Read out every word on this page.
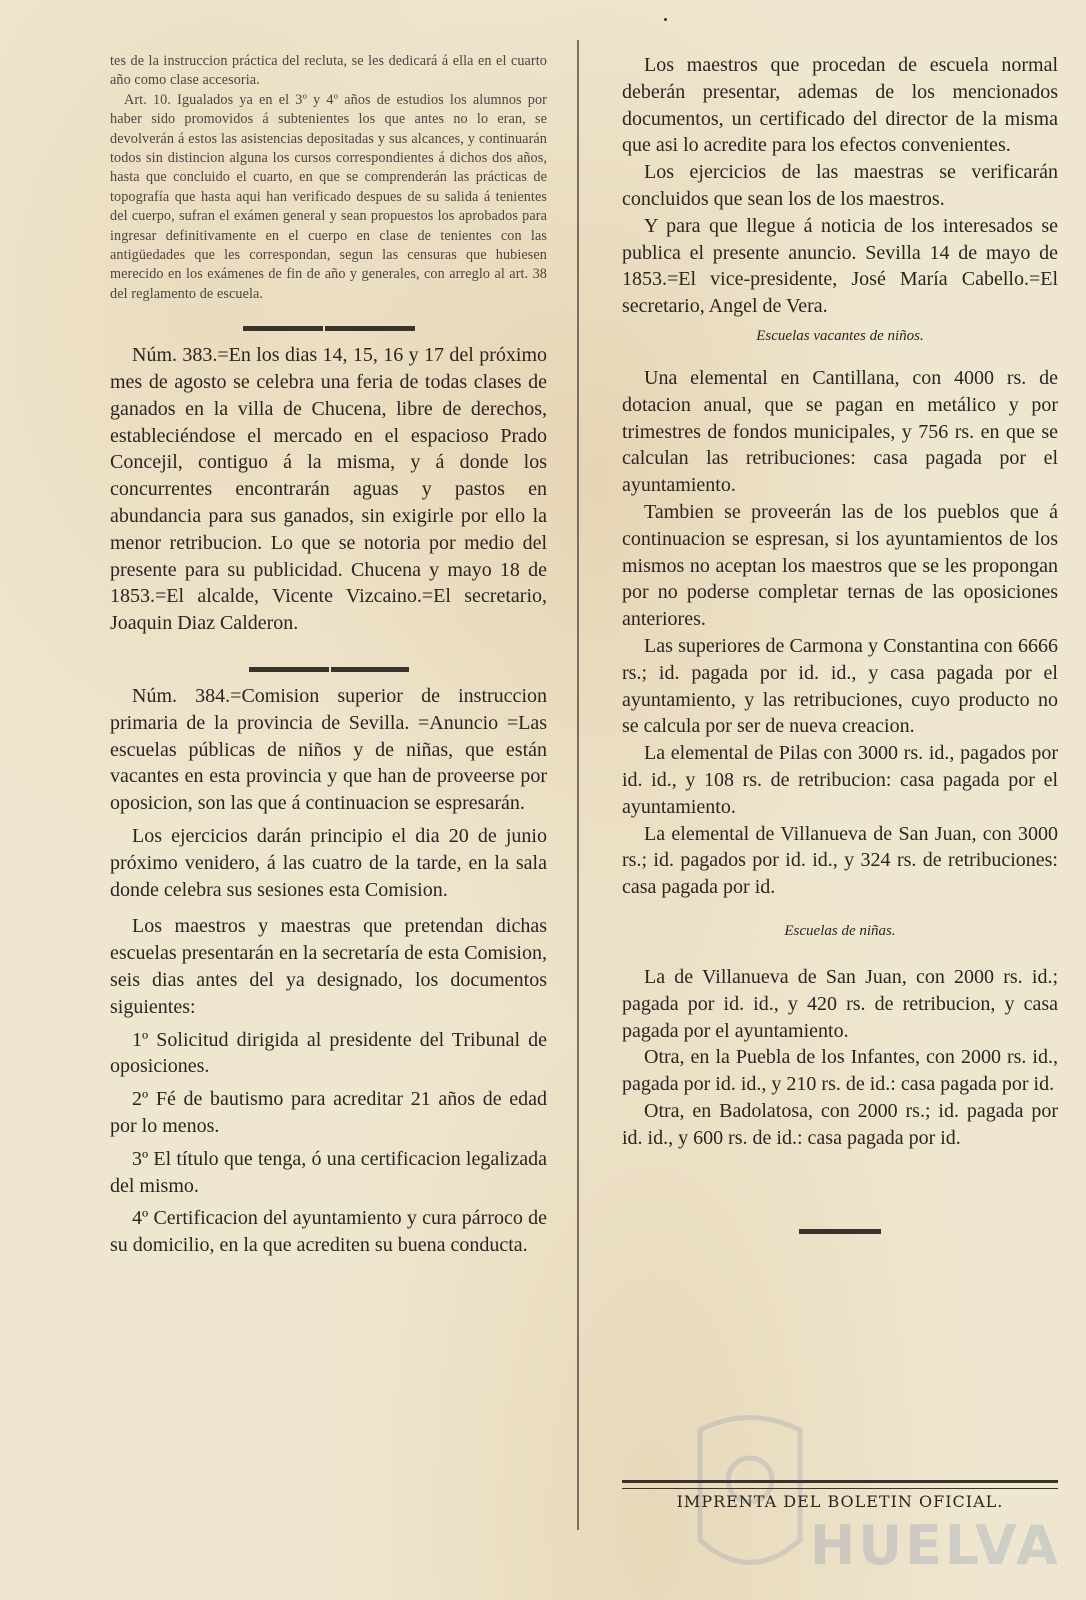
tes de la instruccion práctica del recluta, se les dedicará á ella en el cuarto año como clase accesoria.

Art. 10. Igualados ya en el 3º y 4º años de estudios los alumnos por haber sido promovidos á subtenientes los que antes no lo eran, se devolverán á estos las asistencias depositadas y sus alcances, y continuarán todos sin distincion alguna los cursos correspondientes á dichos dos años, hasta que concluido el cuarto, en que se comprenderán las prácticas de topografía que hasta aqui han verificado despues de su salida á tenientes del cuerpo, sufran el exámen general y sean propuestos los aprobados para ingresar definitivamente en el cuerpo en clase de tenientes con las antigüedades que les correspondan, segun las censuras que hubiesen merecido en los exámenes de fin de año y generales, con arreglo al art. 38 del reglamento de escuela.

Núm. 383.=En los dias 14, 15, 16 y 17 del próximo mes de agosto se celebra una feria de todas clases de ganados en la villa de Chucena, libre de derechos, estableciéndose el mercado en el espacioso Prado Concejil, contiguo á la misma, y á donde los concurrentes encontrarán aguas y pastos en abundancia para sus ganados, sin exigirle por ello la menor retribucion. Lo que se notoria por medio del presente para su publicidad. Chucena y mayo 18 de 1853.=El alcalde, Vicente Vizcaino.=El secretario, Joaquin Diaz Calderon.

Núm. 384.=Comision superior de instruccion primaria de la provincia de Sevilla. =Anuncio =Las escuelas públicas de niños y de niñas, que están vacantes en esta provincia y que han de proveerse por oposicion, son las que á continuacion se espresarán.

Los ejercicios darán principio el dia 20 de junio próximo venidero, á las cuatro de la tarde, en la sala donde celebra sus sesiones esta Comision.

Los maestros y maestras que pretendan dichas escuelas presentarán en la secretaría de esta Comision, seis dias antes del ya designado, los documentos siguientes:

1º Solicitud dirigida al presidente del Tribunal de oposiciones.

2º Fé de bautismo para acreditar 21 años de edad por lo menos.

3º El título que tenga, ó una certificacion legalizada del mismo.

4º Certificacion del ayuntamiento y cura párroco de su domicilio, en la que acrediten su buena conducta.

Los maestros que procedan de escuela normal deberán presentar, ademas de los mencionados documentos, un certificado del director de la misma que asi lo acredite para los efectos convenientes.

Los ejercicios de las maestras se verificarán concluidos que sean los de los maestros.

Y para que llegue á noticia de los interesados se publica el presente anuncio. Sevilla 14 de mayo de 1853.=El vice-presidente, José María Cabello.=El secretario, Angel de Vera.

Escuelas vacantes de niños.

Una elemental en Cantillana, con 4000 rs. de dotacion anual, que se pagan en metálico y por trimestres de fondos municipales, y 756 rs. en que se calculan las retribuciones: casa pagada por el ayuntamiento.

Tambien se proveerán las de los pueblos que á continuacion se espresan, si los ayuntamientos de los mismos no aceptan los maestros que se les propongan por no poderse completar ternas de las oposiciones anteriores.

Las superiores de Carmona y Constantina con 6666 rs.; id. pagada por id. id., y casa pagada por el ayuntamiento, y las retribuciones, cuyo producto no se calcula por ser de nueva creacion.

La elemental de Pilas con 3000 rs. id., pagados por id. id., y 108 rs. de retribucion: casa pagada por el ayuntamiento.

La elemental de Villanueva de San Juan, con 3000 rs.; id. pagados por id. id., y 324 rs. de retribuciones: casa pagada por id.

Escuelas de niñas.

La de Villanueva de San Juan, con 2000 rs. id.; pagada por id. id., y 420 rs. de retribucion, y casa pagada por el ayuntamiento.

Otra, en la Puebla de los Infantes, con 2000 rs. id., pagada por id. id., y 210 rs. de id.: casa pagada por id.

Otra, en Badolatosa, con 2000 rs.; id. pagada por id. id., y 600 rs. de id.: casa pagada por id.

HUELVA
IMPRENTA DEL BOLETIN OFICIAL.
